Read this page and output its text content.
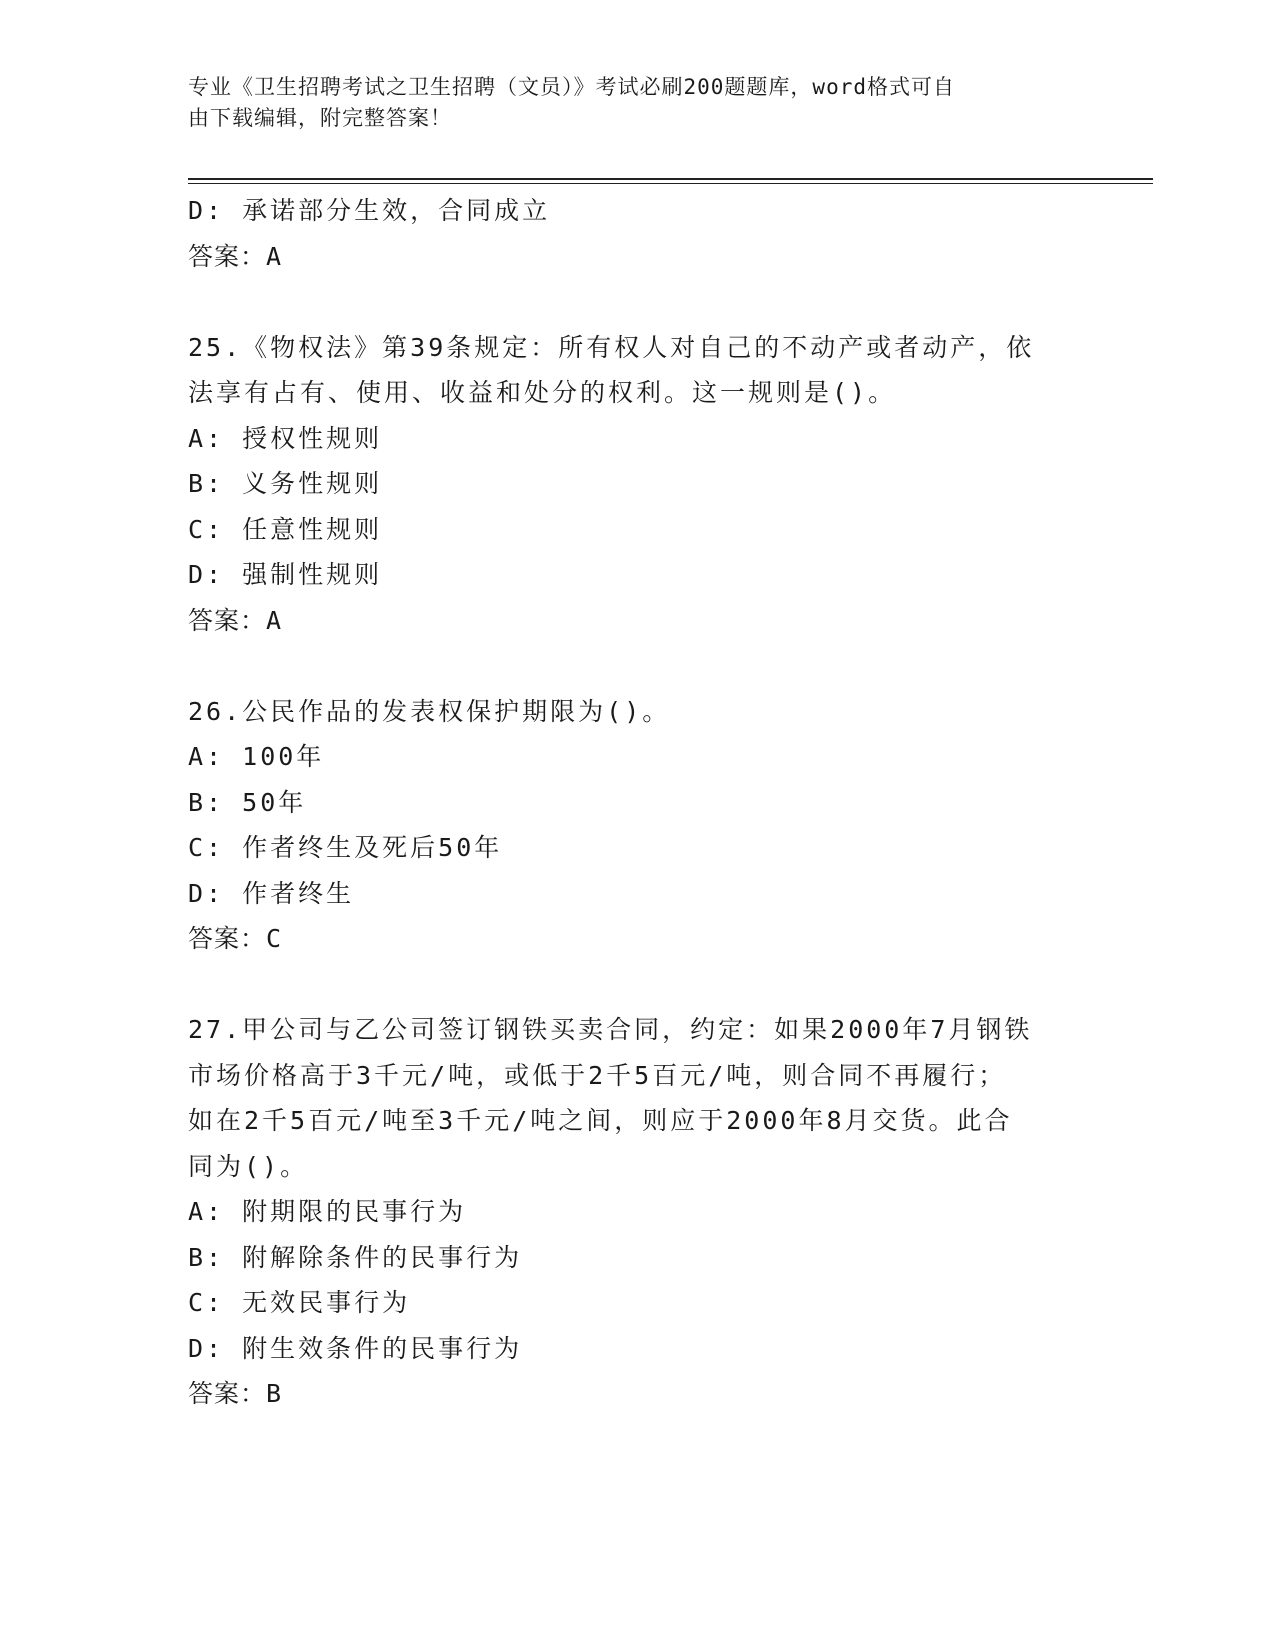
专业《卫生招聘考试之卫生招聘（文员）》考试必刷200题题库，word格式可自
由下载编辑，附完整答案！
D: 承诺部分生效，合同成立
答案：A
25.《物权法》第39条规定：所有权人对自己的不动产或者动产，依
法享有占有、使用、收益和处分的权利。这一规则是()。
A: 授权性规则
B: 义务性规则
C: 任意性规则
D: 强制性规则
答案：A
26.公民作品的发表权保护期限为()。
A: 100年
B: 50年
C: 作者终生及死后50年
D: 作者终生
答案：C
27.甲公司与乙公司签订钢铁买卖合同，约定：如果2000年7月钢铁
市场价格高于3千元/吨，或低于2千5百元/吨，则合同不再履行；
如在2千5百元/吨至3千元/吨之间，则应于2000年8月交货。此合
同为()。
A: 附期限的民事行为
B: 附解除条件的民事行为
C: 无效民事行为
D: 附生效条件的民事行为
答案：B
